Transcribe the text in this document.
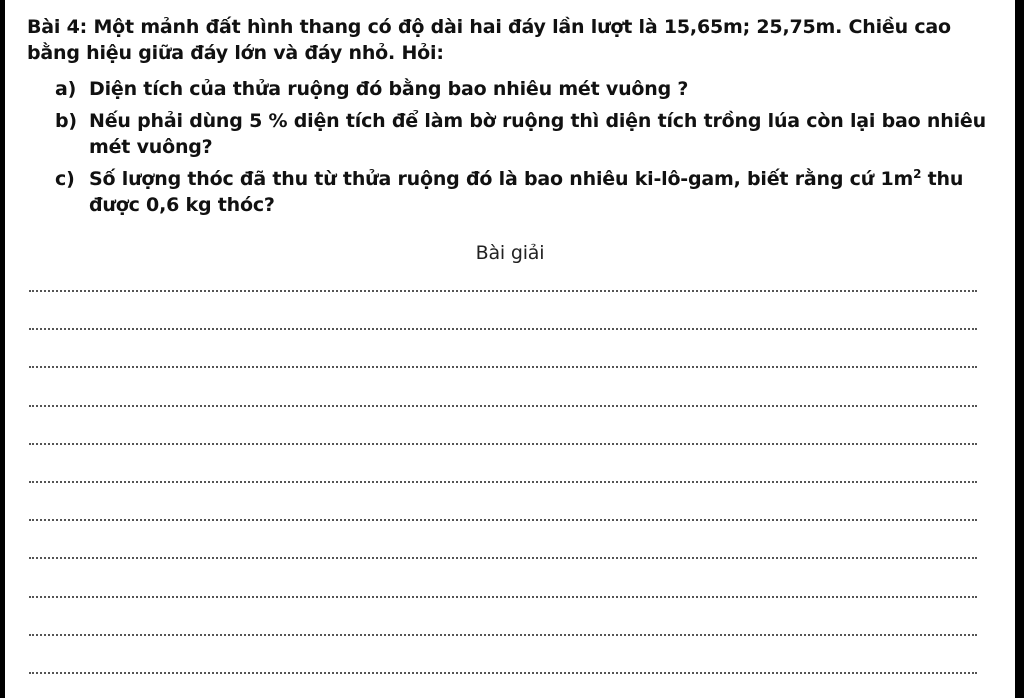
Bài 4: Một mảnh đất hình thang có độ dài hai đáy lần lượt là 15,65m; 25,75m. Chiều cao bằng hiệu giữa đáy lớn và đáy nhỏ. Hỏi:

a) Diện tích của thửa ruộng đó bằng bao nhiêu mét vuông ?

b) Nếu phải dùng 5 % diện tích để làm bờ ruộng thì diện tích trồng lúa còn lại bao nhiêu mét vuông?

c) Số lượng thóc đã thu từ thửa ruộng đó là bao nhiêu ki-lô-gam, biết rằng cứ $1m^2$ thu được 0,6 kg thóc?

Bài giải
